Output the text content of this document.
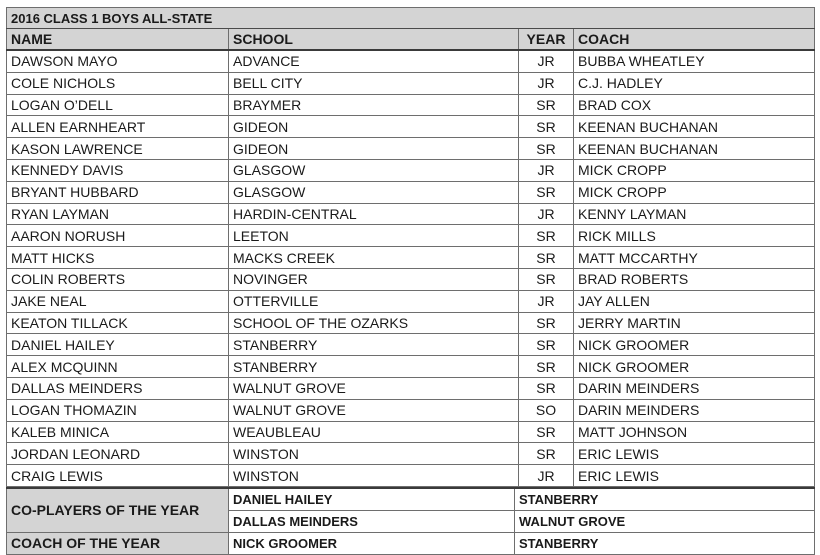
2016 CLASS 1 BOYS ALL-STATE			
NAME	SCHOOL	YEAR	COACH
DAWSON MAYO	ADVANCE	JR	BUBBA WHEATLEY
COLE NICHOLS	BELL CITY	JR	C.J. HADLEY
LOGAN O’DELL	BRAYMER	SR	BRAD COX
ALLEN EARNHEART	GIDEON	SR	KEENAN BUCHANAN
KASON LAWRENCE	GIDEON	SR	KEENAN BUCHANAN
KENNEDY DAVIS	GLASGOW	JR	MICK CROPP
BRYANT HUBBARD	GLASGOW	SR	MICK CROPP
RYAN LAYMAN	HARDIN-CENTRAL	JR	KENNY LAYMAN
AARON NORUSH	LEETON	SR	RICK MILLS
MATT HICKS	MACKS CREEK	SR	MATT MCCARTHY
COLIN ROBERTS	NOVINGER	SR	BRAD ROBERTS
JAKE NEAL	OTTERVILLE	JR	JAY ALLEN
KEATON TILLACK	SCHOOL OF THE OZARKS	SR	JERRY MARTIN
DANIEL HAILEY	STANBERRY	SR	NICK GROOMER
ALEX MCQUINN	STANBERRY	SR	NICK GROOMER
DALLAS MEINDERS	WALNUT GROVE	SR	DARIN MEINDERS
LOGAN THOMAZIN	WALNUT GROVE	SO	DARIN MEINDERS
KALEB MINICA	WEAUBLEAU	SR	MATT JOHNSON
JORDAN LEONARD	WINSTON	SR	ERIC LEWIS
CRAIG LEWIS	WINSTON	JR	ERIC LEWIS
CO-PLAYERS OF THE YEAR	DANIEL HAILEY	STANBERRY
	DALLAS MEINDERS	WALNUT GROVE
COACH OF THE YEAR	NICK GROOMER	STANBERRY
